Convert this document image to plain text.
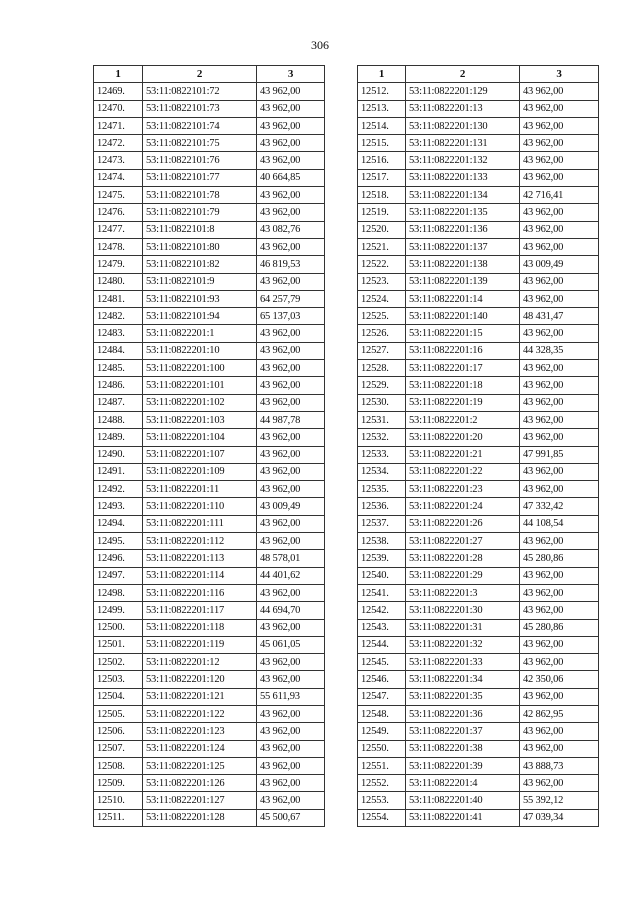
306
1	2	3
12469.	53:11:0822101:72	43 962,00
12470.	53:11:0822101:73	43 962,00
12471.	53:11:0822101:74	43 962,00
12472.	53:11:0822101:75	43 962,00
12473.	53:11:0822101:76	43 962,00
12474.	53:11:0822101:77	40 664,85
12475.	53:11:0822101:78	43 962,00
12476.	53:11:0822101:79	43 962,00
12477.	53:11:0822101:8	43 082,76
12478.	53:11:0822101:80	43 962,00
12479.	53:11:0822101:82	46 819,53
12480.	53:11:0822101:9	43 962,00
12481.	53:11:0822101:93	64 257,79
12482.	53:11:0822101:94	65 137,03
12483.	53:11:0822201:1	43 962,00
12484.	53:11:0822201:10	43 962,00
12485.	53:11:0822201:100	43 962,00
12486.	53:11:0822201:101	43 962,00
12487.	53:11:0822201:102	43 962,00
12488.	53:11:0822201:103	44 987,78
12489.	53:11:0822201:104	43 962,00
12490.	53:11:0822201:107	43 962,00
12491.	53:11:0822201:109	43 962,00
12492.	53:11:0822201:11	43 962,00
12493.	53:11:0822201:110	43 009,49
12494.	53:11:0822201:111	43 962,00
12495.	53:11:0822201:112	43 962,00
12496.	53:11:0822201:113	48 578,01
12497.	53:11:0822201:114	44 401,62
12498.	53:11:0822201:116	43 962,00
12499.	53:11:0822201:117	44 694,70
12500.	53:11:0822201:118	43 962,00
12501.	53:11:0822201:119	45 061,05
12502.	53:11:0822201:12	43 962,00
12503.	53:11:0822201:120	43 962,00
12504.	53:11:0822201:121	55 611,93
12505.	53:11:0822201:122	43 962,00
12506.	53:11:0822201:123	43 962,00
12507.	53:11:0822201:124	43 962,00
12508.	53:11:0822201:125	43 962,00
12509.	53:11:0822201:126	43 962,00
12510.	53:11:0822201:127	43 962,00
12511.	53:11:0822201:128	45 500,67
1	2	3
12512.	53:11:0822201:129	43 962,00
12513.	53:11:0822201:13	43 962,00
12514.	53:11:0822201:130	43 962,00
12515.	53:11:0822201:131	43 962,00
12516.	53:11:0822201:132	43 962,00
12517.	53:11:0822201:133	43 962,00
12518.	53:11:0822201:134	42 716,41
12519.	53:11:0822201:135	43 962,00
12520.	53:11:0822201:136	43 962,00
12521.	53:11:0822201:137	43 962,00
12522.	53:11:0822201:138	43 009,49
12523.	53:11:0822201:139	43 962,00
12524.	53:11:0822201:14	43 962,00
12525.	53:11:0822201:140	48 431,47
12526.	53:11:0822201:15	43 962,00
12527.	53:11:0822201:16	44 328,35
12528.	53:11:0822201:17	43 962,00
12529.	53:11:0822201:18	43 962,00
12530.	53:11:0822201:19	43 962,00
12531.	53:11:0822201:2	43 962,00
12532.	53:11:0822201:20	43 962,00
12533.	53:11:0822201:21	47 991,85
12534.	53:11:0822201:22	43 962,00
12535.	53:11:0822201:23	43 962,00
12536.	53:11:0822201:24	47 332,42
12537.	53:11:0822201:26	44 108,54
12538.	53:11:0822201:27	43 962,00
12539.	53:11:0822201:28	45 280,86
12540.	53:11:0822201:29	43 962,00
12541.	53:11:0822201:3	43 962,00
12542.	53:11:0822201:30	43 962,00
12543.	53:11:0822201:31	45 280,86
12544.	53:11:0822201:32	43 962,00
12545.	53:11:0822201:33	43 962,00
12546.	53:11:0822201:34	42 350,06
12547.	53:11:0822201:35	43 962,00
12548.	53:11:0822201:36	42 862,95
12549.	53:11:0822201:37	43 962,00
12550.	53:11:0822201:38	43 962,00
12551.	53:11:0822201:39	43 888,73
12552.	53:11:0822201:4	43 962,00
12553.	53:11:0822201:40	55 392,12
12554.	53:11:0822201:41	47 039,34
